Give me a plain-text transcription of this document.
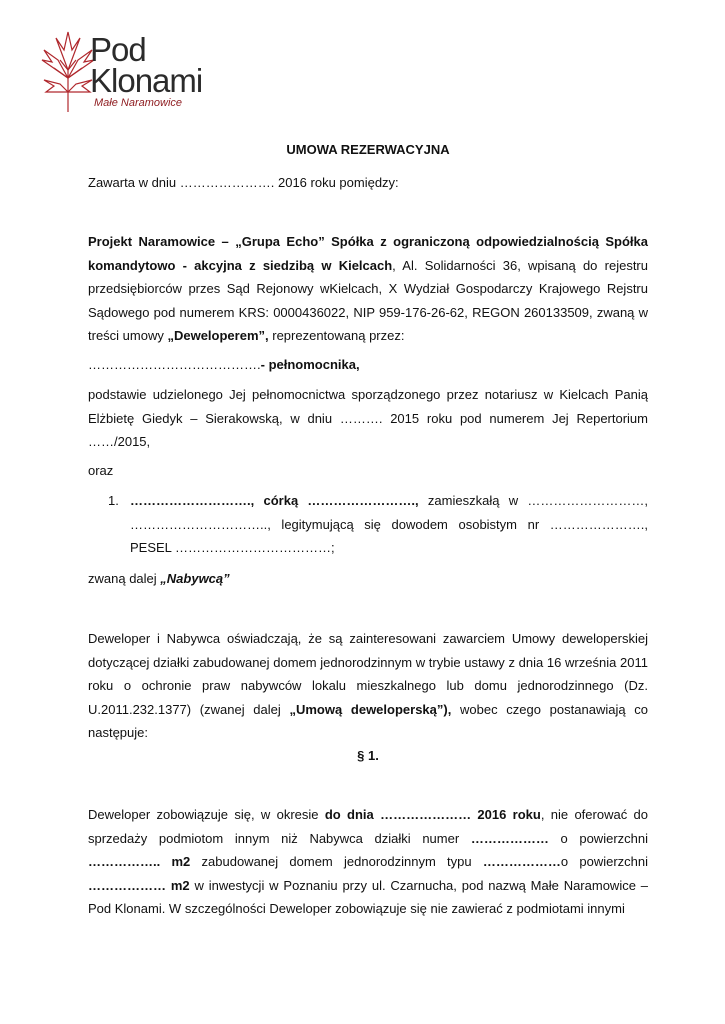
Pod
Klonami
Małe Naramowice
UMOWA REZERWACYJNA

Zawarta w dniu …………………. 2016 roku pomiędzy:

Projekt Naramowice – „Grupa Echo” Spółka z ograniczoną odpowiedzialnością Spółka komandytowo - akcyjna z siedzibą w Kielcach, Al. Solidarności 36, wpisaną do rejestru przedsiębiorców przes Sąd Rejonowy wKielcach, X Wydział Gospodarczy Krajowego Rejstru Sądowego pod numerem KRS: 0000436022, NIP 959-176-26-62, REGON 260133509, zwaną w treści umowy „Deweloperem”, reprezentowaną przez:

………………………………….- pełnomocnika,

podstawie udzielonego Jej pełnomocnictwa sporządzonego przez notariusz w Kielcach Panią Elżbietę Giedyk – Sierakowską, w dniu ………. 2015 roku pod numerem Jej Repertorium ……/2015,

oraz

1. ………………………., córką ……………………., zamieszkałą w ………………………, ………………………….., legitymującą się dowodem osobistym nr …………………., PESEL ………………………………;

zwaną dalej „Nabywcą”

Deweloper i Nabywca oświadczają, że są zainteresowani zawarciem Umowy deweloperskiej dotyczącej działki zabudowanej domem jednorodzinnym w trybie ustawy z dnia 16 września 2011 roku o ochronie praw nabywców lokalu mieszkalnego lub domu jednorodzinnego (Dz. U.2011.232.1377) (zwanej dalej „Umową deweloperską”), wobec czego postanawiają co następuje:

§ 1.

Deweloper zobowiązuje się, w okresie do dnia ………………… 2016 roku, nie oferować do sprzedaży podmiotom innym niż Nabywca działki numer ……………… o powierzchni …………….. m2 zabudowanej domem jednorodzinnym typu ………………o powierzchni ……………… m2 w inwestycji w Poznaniu przy ul. Czarnucha, pod nazwą Małe Naramowice – Pod Klonami. W szczególności Deweloper zobowiązuje się nie zawierać z podmiotami innymi
